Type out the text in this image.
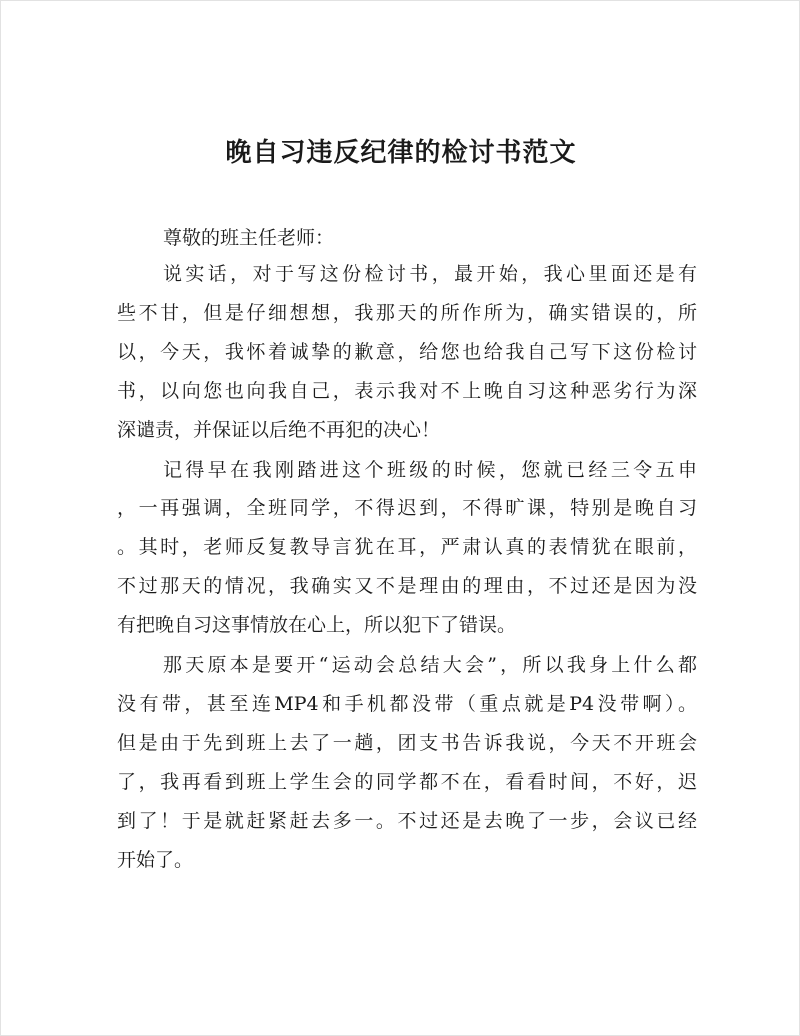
晚自习违反纪律的检讨书范文
尊敬的班主任老师：
说实话，对于写这份检讨书，最开始，我心里面还是有
些不甘，但是仔细想想，我那天的所作所为，确实错误的，所
以，今天，我怀着诚挚的歉意，给您也给我自己写下这份检讨
书，以向您也向我自己，表示我对不上晚自习这种恶劣行为深
深谴责，并保证以后绝不再犯的决心！
记得早在我刚踏进这个班级的时候，您就已经三令五申
，一再强调，全班同学，不得迟到，不得旷课，特别是晚自习
。其时，老师反复教导言犹在耳，严肃认真的表情犹在眼前，
不过那天的情况，我确实又不是理由的理由，不过还是因为没
有把晚自习这事情放在心上，所以犯下了错误。
那天原本是要开“运动会总结大会”，所以我身上什么都
没有带，甚至连MP4和手机都没带（重点就是P4没带啊）。
但是由于先到班上去了一趟，团支书告诉我说，今天不开班会
了，我再看到班上学生会的同学都不在，看看时间，不好，迟
到了！于是就赶紧赶去多一。不过还是去晚了一步，会议已经
开始了。
